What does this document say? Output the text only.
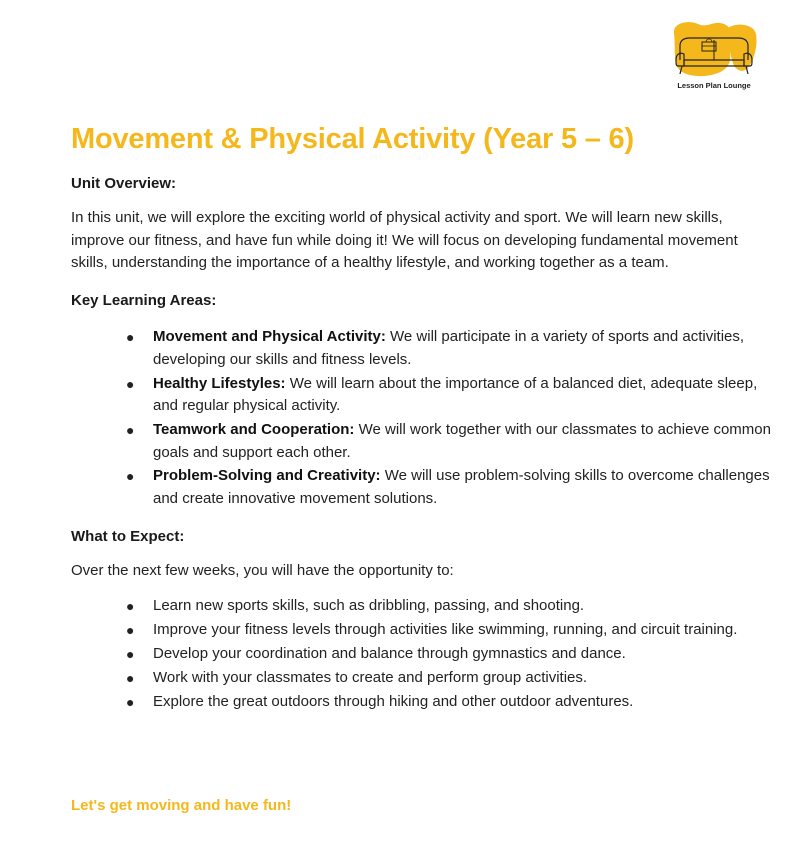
Lesson Plan Lounge
Movement & Physical Activity (Year 5 – 6)
Unit Overview:
In this unit, we will explore the exciting world of physical activity and sport. We will learn new skills, improve our fitness, and have fun while doing it! We will focus on developing fundamental movement skills, understanding the importance of a healthy lifestyle, and working together as a team.
Key Learning Areas:
● Movement and Physical Activity: We will participate in a variety of sports and activities, developing our skills and fitness levels.
● Healthy Lifestyles: We will learn about the importance of a balanced diet, adequate sleep, and regular physical activity.
● Teamwork and Cooperation: We will work together with our classmates to achieve common goals and support each other.
● Problem-Solving and Creativity: We will use problem-solving skills to overcome challenges and create innovative movement solutions.
What to Expect:
Over the next few weeks, you will have the opportunity to:
● Learn new sports skills, such as dribbling, passing, and shooting.
● Improve your fitness levels through activities like swimming, running, and circuit training.
● Develop your coordination and balance through gymnastics and dance.
● Work with your classmates to create and perform group activities.
● Explore the great outdoors through hiking and other outdoor adventures.
Let's get moving and have fun!
